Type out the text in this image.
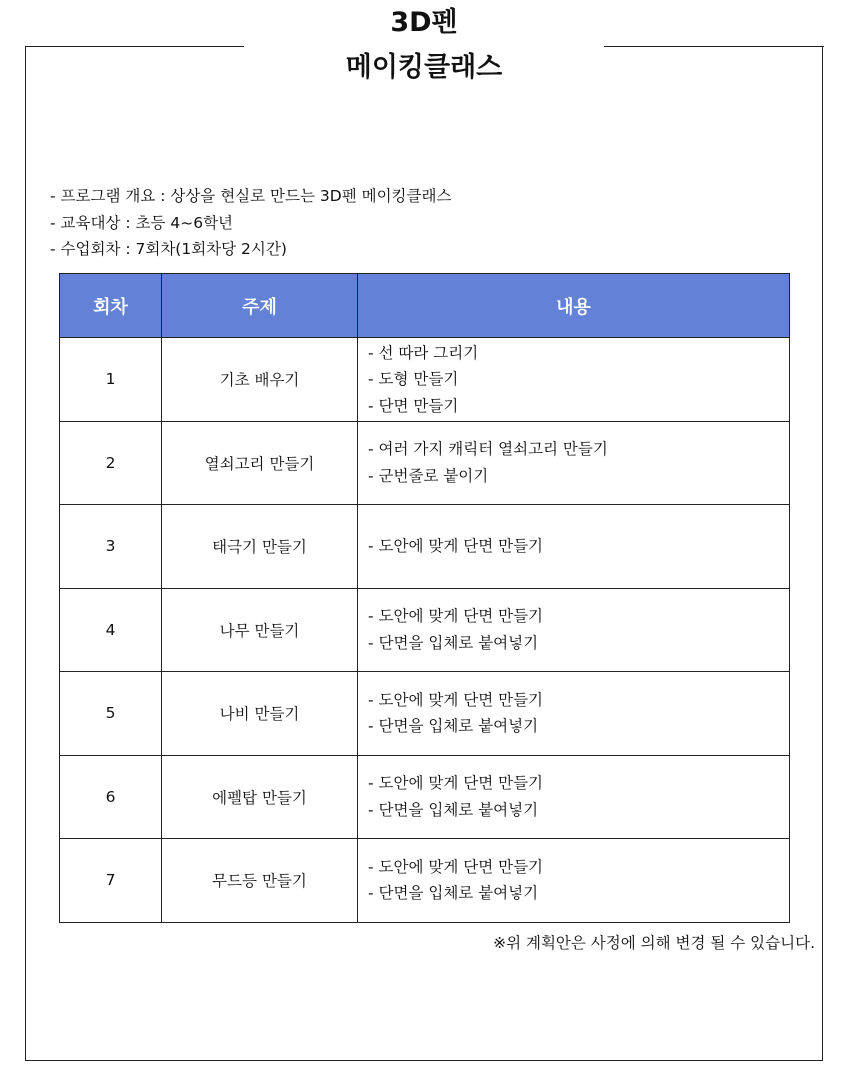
3D펜
메이킹클래스
- 프로그램 개요 : 상상을 현실로 만드는 3D펜 메이킹클래스
- 교육대상 : 초등 4~6학년
- 수업회차 : 7회차(1회차당 2시간)
회차	주제	내용
1	기초 배우기	- 선 따라 그리기
- 도형 만들기
- 단면 만들기

2	열쇠고리 만들기	- 여러 가지 캐릭터 열쇠고리 만들기
- 군번줄로 붙이기

3	태극기 만들기	- 도안에 맞게 단면 만들기

4	나무 만들기	- 도안에 맞게 단면 만들기
- 단면을 입체로 붙여넣기

5	나비 만들기	- 도안에 맞게 단면 만들기
- 단면을 입체로 붙여넣기

6	에펠탑 만들기	- 도안에 맞게 단면 만들기
- 단면을 입체로 붙여넣기

7	무드등 만들기	- 도안에 맞게 단면 만들기
- 단면을 입체로 붙여넣기
※위 계획안은 사정에 의해 변경 될 수 있습니다.
